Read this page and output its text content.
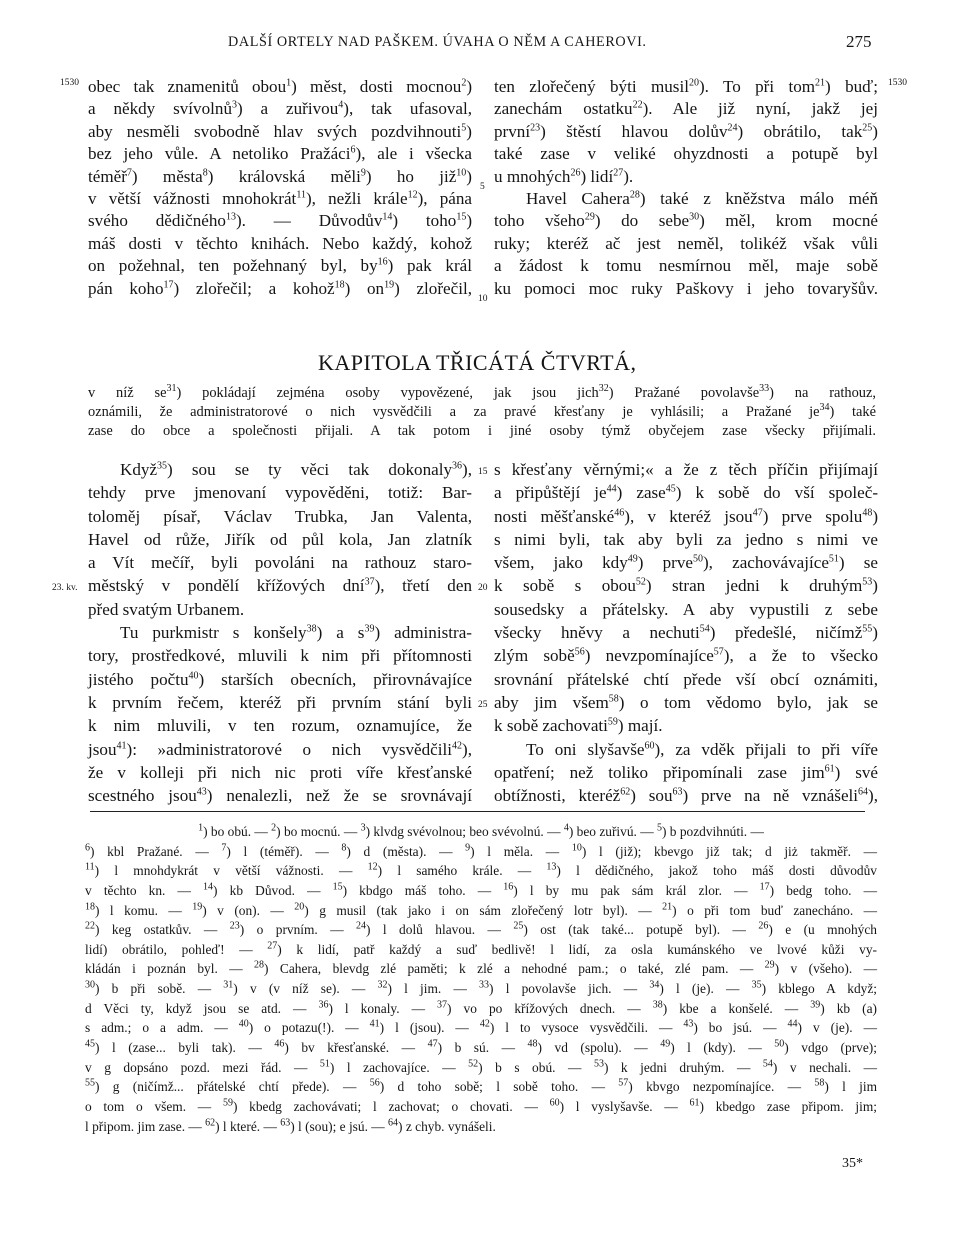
DALŠÍ ORTELY NAD PAŠKEM. ÚVAHA O NĚM A CAHEROVI.	275
1530	1530
5
10
15
23. kv.	20
25
obec tak znamenitů obou$^1$) měst, dosti mocnou$^2$)
a někdy svívolnů$^3$) a zuřivou$^4$), tak ufasoval,
aby nesměli svobodně hlav svých pozdvihnouti$^5$)
bez jeho vůle. A netoliko Pražáci$^6$), ale i všecka
téměř$^7$) města$^8$) královská měli$^9$) ho již$^{10}$)
v větší vážnosti mnohokrát$^{11}$), nežli krále$^{12}$), pána
svého dědičného$^{13}$). — Důvodův$^{14}$) toho$^{15}$)
máš dosti v těchto knihách. Nebo každý, kohož
on požehnal, ten požehnaný byl, $by^{16}$) pak král
pán koho$^{17}$) zlořečil; a kohož$^{18}$) $on^{19}$) zlořečil,
ten zlořečený býti musil$^{20}$). To při tom$^{21}$) buď;
zanechám ostatku$^{22}$). Ale již nyní, jakž jej
první$^{23}$) štěstí hlavou dolův$^{24}$) obrátilo, tak$^{25}$)
také zase v veliké ohyzdnosti a potupě byl
u mnohých$^{26}$) lidí$^{27}$).
Havel Cahera$^{28}$) také z kněžstva málo méň
toho všeho$^{29}$) do sebe$^{30}$) měl, krom mocné
ruky; kteréž ač jest neměl, tolikéž však vůli
a žádost k tomu nesmírnou měl, maje sobě
ku pomoci moc ruky Paškovy i jeho tovaryšův.
KAPITOLA TŘICÁTÁ ČTVRTÁ,
v níž $se^{31}$) pokládají zejména osoby vypovězené, jak jsou jich$^{32}$) Pražané povolavše$^{33}$) na rathouz,
oznámili, že administratorové o nich vysvědčili a za pravé křesťany je vyhlásili; a Pražané $je^{34}$) také
zase do obce a společnosti přijali. A tak potom i jiné osoby týmž obyčejem zase všecky přijímali.
Když$^{35}$) sou se ty věci tak dokonaly$^{36}$),
tehdy prve jmenovaní vypověděni, totiž: Bar-
toloměj písař, Václav Trubka, Jan Valenta,
Havel od růže, Jiřík od půl kola, Jan zlatník
a Vít mečíř, byli povoláni na rathouz staro-
městský v pondělí křížových dní$^{37}$), třetí den
před svatým Urbanem.
Tu purkmistr s konšely$^{38}$) a $s^{39}$) administra-
tory, prostředkové, mluvili k nim při přítomnosti
jistého počtu$^{40}$) starších obecních, přirovnávajíce
k prvním řečem, kteréž při prvním stání byli
k nim mluvili, v ten rozum, oznamujíce, že
jsou$^{41}$): »administratorové o nich vysvědčili$^{42}$),
že v kolleji při nich nic proti víře křesťanské
scestného jsou$^{43}$) nenalezli, než že se srovnávají
s křesťany věrnými;« a že z těch příčin přijímají
a připůštějí $je^{44}$) zase$^{45}$) k sobě do vší společ-
nosti měšťanské$^{46}$), v kteréž jsou$^{47}$) prve spolu$^{48}$)
s nimi byli, tak aby byli za jedno s nimi ve
všem, jako kdy$^{49}$) prve$^{50}$), zachovávajíce$^{51}$) se
k sobě s obou$^{52}$) stran jedni k druhým$^{53}$)
sousedsky a přátelsky. A aby vypustili z sebe
všecky hněvy a nechuti$^{54}$) předešlé, ničímž$^{55}$)
zlým sobě$^{56}$) nevzpomínajíce$^{57}$), a že to všecko
srovnání přátelské chtí přede vší obcí oznámiti,
aby jim všem$^{58}$) o tom vědomo bylo, jak se
k sobě zachovati$^{59}$) mají.
To oni slyšavše$^{60}$), za vděk přijali to při víře
opatření; než toliko připomínali zase jim$^{61}$) své
obtížnosti, kteréž$^{62}$) sou$^{63}$) prve na ně vznášeli$^{64}$),
$^1$) bo obú. — $^2$) bo mocnú. — $^3$) klvdg svévolnou; beo svévolnú. — $^4$) beo zuřivú. — $^5$) b pozdvihnúti. —
$^6$) kbl Pražané. — $^7$) l (téměř). — $^8$) d (města). — $^9$) l měla. — $^{10}$) l (již); kbevgo již tak; d jiż takměř. —
$^{11}$) l mnohdykrát v větší vážnosti. — $^{12}$) l samého krále. — $^{13}$) l dědičného, jakož toho máš dosti důvodův
v těchto kn. — $^{14}$) kb Důvod. — $^{15}$) kbdgo máš toho. — $^{16}$) l by mu pak sám král zlor. — $^{17}$) bedg toho. —
$^{18}$) l komu. — $^{19}$) v (on). — $^{20}$) g musil (tak jako i on sám zlořečený lotr byl). — $^{21}$) o při tom buď zanecháno. —
$^{22}$) keg ostatkův. — $^{23}$) o prvním. — $^{24}$) l dolů hlavou. — $^{25}$) ost (tak také... potupě byl). — $^{26}$) e (u mnohých
lidí) obrátilo, pohleď! — $^{27}$) k lidí, patř každý a suď bedlivě! l lidí, za osla kumánského ve lvové kůži vy-
kládán i poznán byl. — $^{28}$) Cahera, blevdg zlé paměti; k zlé a nehodné pam.; o také, zlé pam. — $^{29}$) v (všeho). —
$^{30}$) b při sobě. — $^{31}$) v (v níž se). — $^{32}$) l jim. — $^{33}$) l povolavše jich. — $^{34}$) l (je). — $^{35}$) kblego A když;
d Věci ty, když jsou se atd. — $^{36}$) l konaly. — $^{37}$) vo po křížových dnech. — $^{38}$) kbe a konšelé. — $^{39}$) kb (a)
s adm.; o a adm. — $^{40}$) o potazu(!). — $^{41}$) l (jsou). — $^{42}$) l to vysoce vysvědčili. — $^{43}$) bo jsú. — $^{44}$) v (je). —
$^{45}$) l (zase... byli tak). — $^{46}$) bv křesťanské. — $^{47}$) b sú. — $^{48}$) vd (spolu). — $^{49}$) l (kdy). — $^{50}$) vdgo (prve);
v g dopsáno pozd. mezi řád. — $^{51}$) l zachovajíce. — $^{52}$) b s obú. — $^{53}$) k jedni druhým. — $^{54}$) v nechali. —
$^{55}$) g (ničímž... přátelské chtí přede). — $^{56}$) d toho sobě; l sobě toho. — $^{57}$) kbvgo nezpomínajíce. — $^{58}$) l jim
o tom o všem. — $^{59}$) kbedg zachovávati; l zachovat; o chovati. — $^{60}$) l vyslyšavše. — $^{61}$) kbedgo zase připom. jim;
l připom. jim zase. — $^{62}$) l které. — $^{63}$) l (sou); e jsú. — $^{64}$) z chyb. vynášeli.
35*
